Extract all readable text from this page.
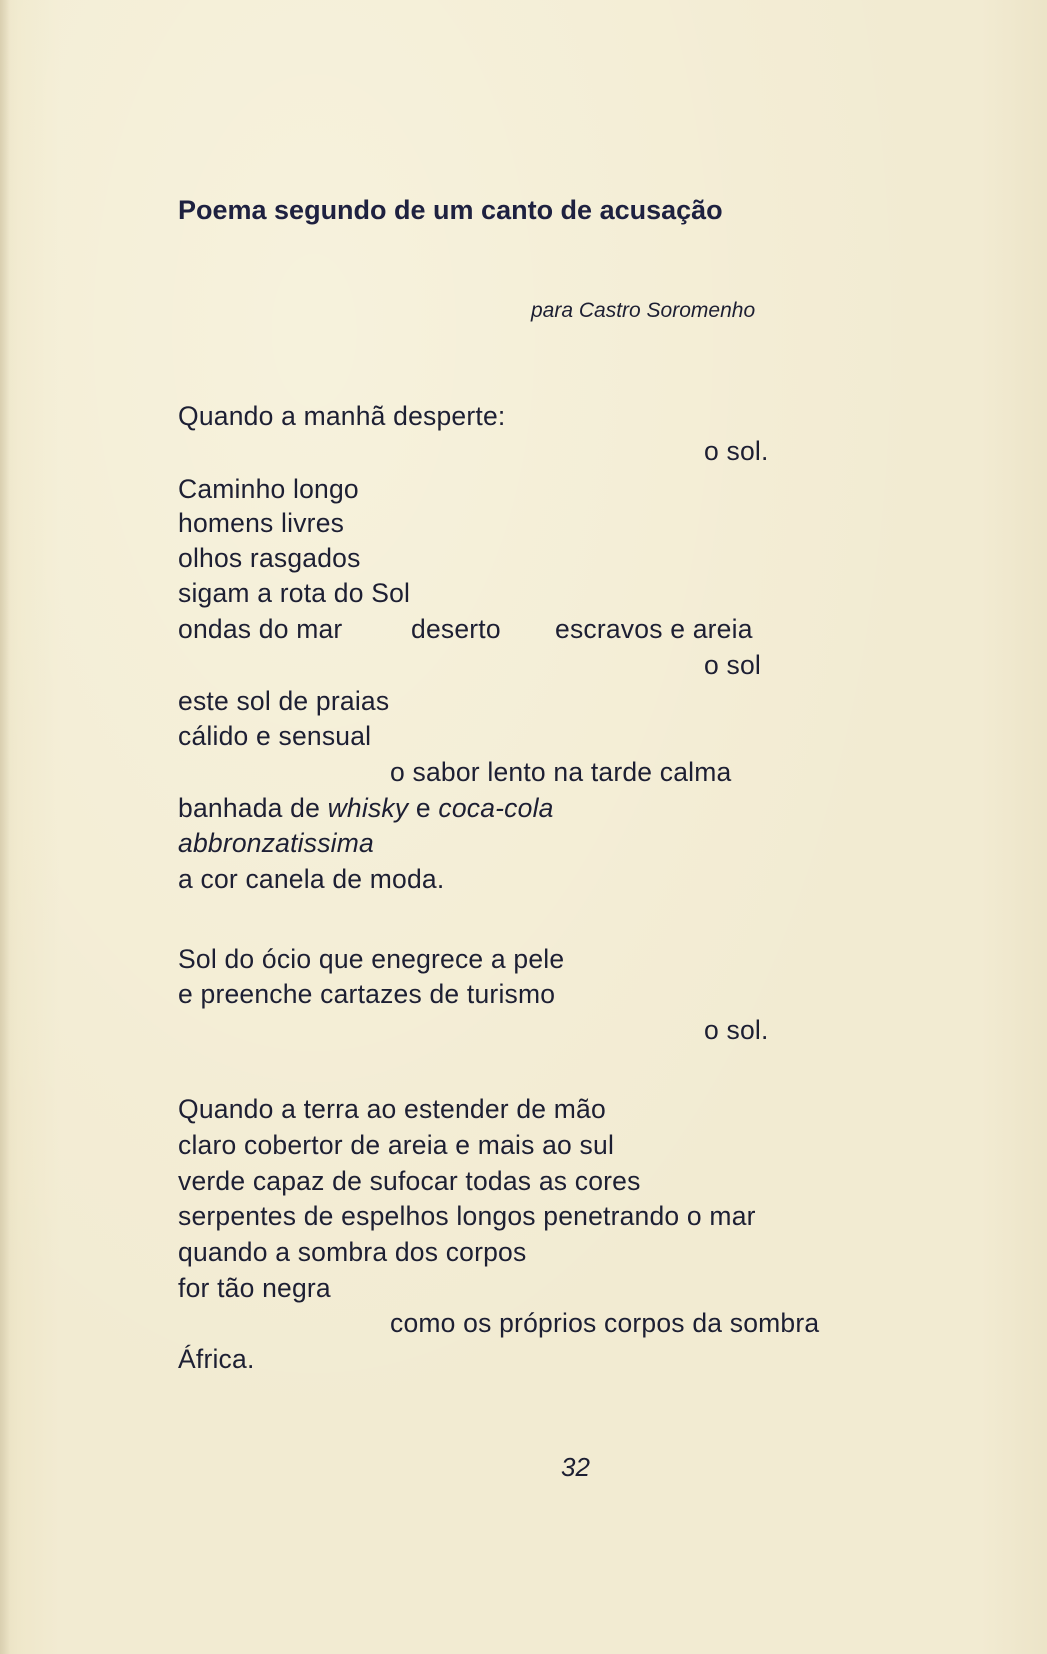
Poema segundo de um canto de acusação
para Castro Soromenho
Quando a manhã desperte:
o sol.
Caminho longo
homens livres
olhos rasgados
sigam a rota do Sol
ondas do mar	deserto escravos e areia
o sol
este sol de praias
cálido e sensual
o sabor lento na tarde calma
banhada de whisky e coca-cola
abbronzatissima
a cor canela de moda.
Sol do ócio que enegrece a pele
e preenche cartazes de turismo
o sol.
Quando a terra ao estender de mão
claro cobertor de areia e mais ao sul
verde capaz de sufocar todas as cores
serpentes de espelhos longos penetrando o mar
quando a sombra dos corpos
for tão negra
como os próprios corpos da sombra
África.
32
